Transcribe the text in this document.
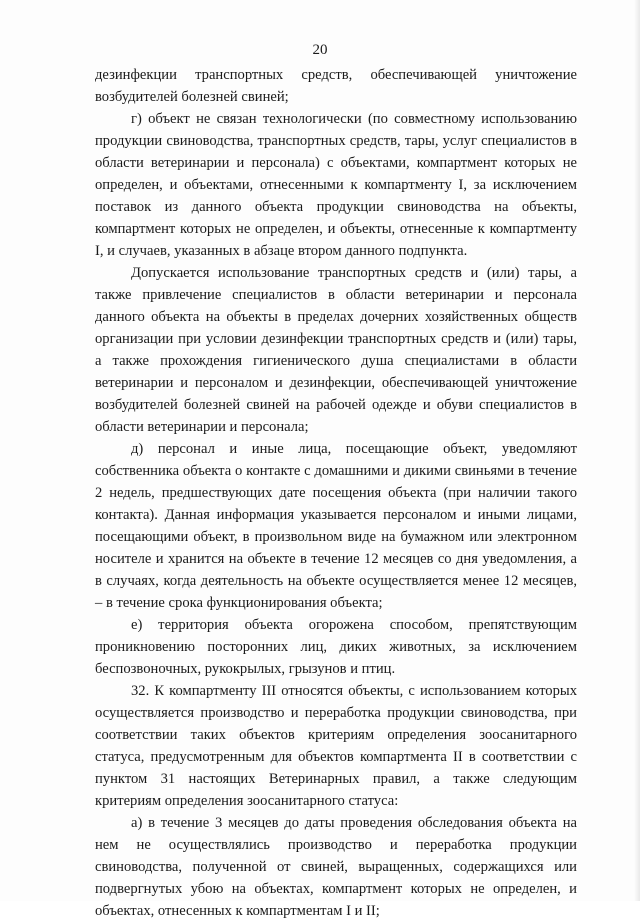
20

дезинфекции транспортных средств, обеспечивающей уничтожение возбудителей болезней свиней;

г) объект не связан технологически (по совместному использованию продукции свиноводства, транспортных средств, тары, услуг специалистов в области ветеринарии и персонала) с объектами, компартмент которых не определен, и объектами, отнесенными к компартменту I, за исключением поставок из данного объекта продукции свиноводства на объекты, компартмент которых не определен, и объекты, отнесенные к компартменту I, и случаев, указанных в абзаце втором данного подпункта.

Допускается использование транспортных средств и (или) тары, а также привлечение специалистов в области ветеринарии и персонала данного объекта на объекты в пределах дочерних хозяйственных обществ организации при условии дезинфекции транспортных средств и (или) тары, а также прохождения гигиенического душа специалистами в области ветеринарии и персоналом и дезинфекции, обеспечивающей уничтожение возбудителей болезней свиней на рабочей одежде и обуви специалистов в области ветеринарии и персонала;

д) персонал и иные лица, посещающие объект, уведомляют собственника объекта о контакте с домашними и дикими свиньями в течение 2 недель, предшествующих дате посещения объекта (при наличии такого контакта). Данная информация указывается персоналом и иными лицами, посещающими объект, в произвольном виде на бумажном или электронном носителе и хранится на объекте в течение 12 месяцев со дня уведомления, а в случаях, когда деятельность на объекте осуществляется менее 12 месяцев, – в течение срока функционирования объекта;

е) территория объекта огорожена способом, препятствующим проникновению посторонних лиц, диких животных, за исключением беспозвоночных, рукокрылых, грызунов и птиц.

32. К компартменту III относятся объекты, с использованием которых осуществляется производство и переработка продукции свиноводства, при соответствии таких объектов критериям определения зоосанитарного статуса, предусмотренным для объектов компартмента II в соответствии с пунктом 31 настоящих Ветеринарных правил, а также следующим критериям определения зоосанитарного статуса:

а) в течение 3 месяцев до даты проведения обследования объекта на нем не осуществлялись производство и переработка продукции свиноводства, полученной от свиней, выращенных, содержащихся или подвергнутых убою на объектах, компартмент которых не определен, и объектах, отнесенных к компартментам I и II;
